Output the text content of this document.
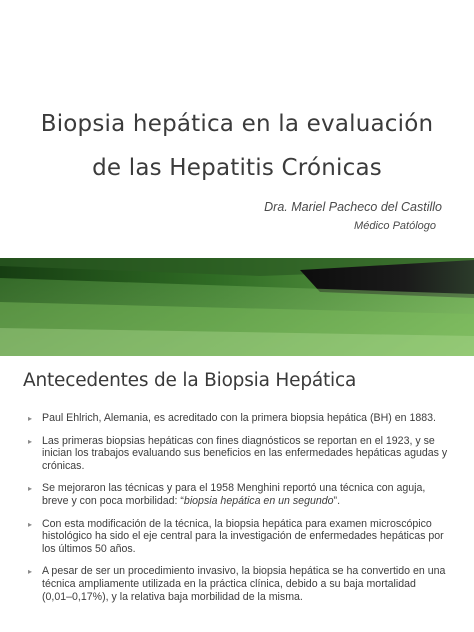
Biopsia hepática en la evaluación
de las Hepatitis Crónicas
Dra. Mariel Pacheco del Castillo
Médico Patólogo
Antecedentes de la Biopsia Hepática
▸ Paul Ehlrich, Alemania, es acreditado con la primera biopsia hepática (BH) en 1883.
▸ Las primeras biopsias hepáticas con fines diagnósticos se reportan en el 1923, y se inician los trabajos evaluando sus beneficios en las enfermedades hepáticas agudas y crónicas.
▸ Se mejoraron las técnicas y para el 1958 Menghini reportó una técnica con aguja, breve y con poca morbilidad: “biopsia hepática en un segundo”.
▸ Con esta modificación de la técnica, la biopsia hepática para examen microscópico histológico ha sido el eje central para la investigación de enfermedades hepáticas por los últimos 50 años.
▸ A pesar de ser un procedimiento invasivo, la biopsia hepática se ha convertido en una técnica ampliamente utilizada en la práctica clínica, debido a su baja mortalidad (0,01–0,17%), y la relativa baja morbilidad de la misma.
